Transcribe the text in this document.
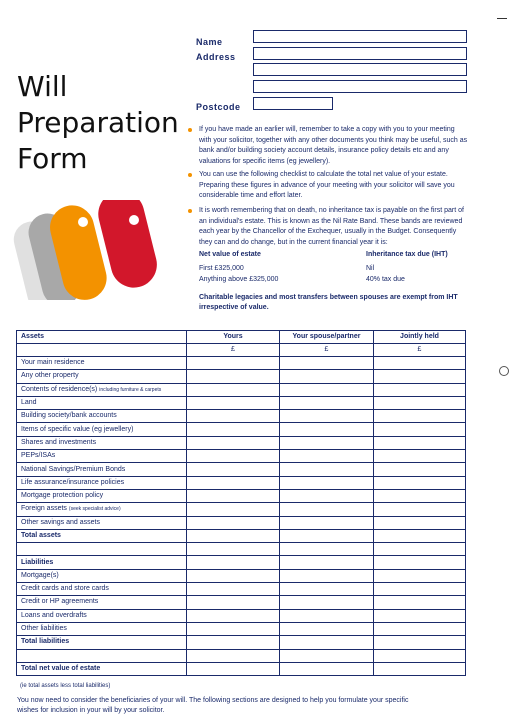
Will
Preparation
Form
Name
Address
Postcode
If you have made an earlier will, remember to take a copy with you to your meeting with your solicitor, together with any other documents you think may be useful, such as bank and/or building society account details, insurance policy details etc and any valuations for specific items (eg jewellery).
You can use the following checklist to calculate the total net value of your estate. Preparing these figures in advance of your meeting with your solicitor will save you considerable time and effort later.
It is worth remembering that on death, no inheritance tax is payable on the first part of an individual's estate. This is known as the Nil Rate Band. These bands are reviewed each year by the Chancellor of the Exchequer, usually in the Budget. Consequently they can and do change, but in the current financial year it is:
Net value of estate	Inheritance tax due (IHT)
First £325,000	Nil
Anything above £325,000	40% tax due
Charitable legacies and most transfers between spouses are exempt from IHT irrespective of value.
Assets	Yours	Your spouse/partner	Jointly held
	£	£	£
Your main residence			
Any other property			
Contents of residence(s) including furniture & carpets			
Land			
Building society/bank accounts			
Items of specific value (eg jewellery)			
Shares and investments			
PEPs/ISAs			
National Savings/Premium Bonds			
Life assurance/insurance policies			
Mortgage protection policy			
Foreign assets (seek specialist advice)			
Other savings and assets			
Total assets			

Liabilities			
Mortgage(s)			
Credit cards and store cards			
Credit or HP agreements			
Loans and overdrafts			
Other liabilities			
Total liabilities			

Total net value of estate			
(ie total assets less total liabilities)
You now need to consider the beneficiaries of your will. The following sections are designed to help you formulate your specific
wishes for inclusion in your will by your solicitor.
